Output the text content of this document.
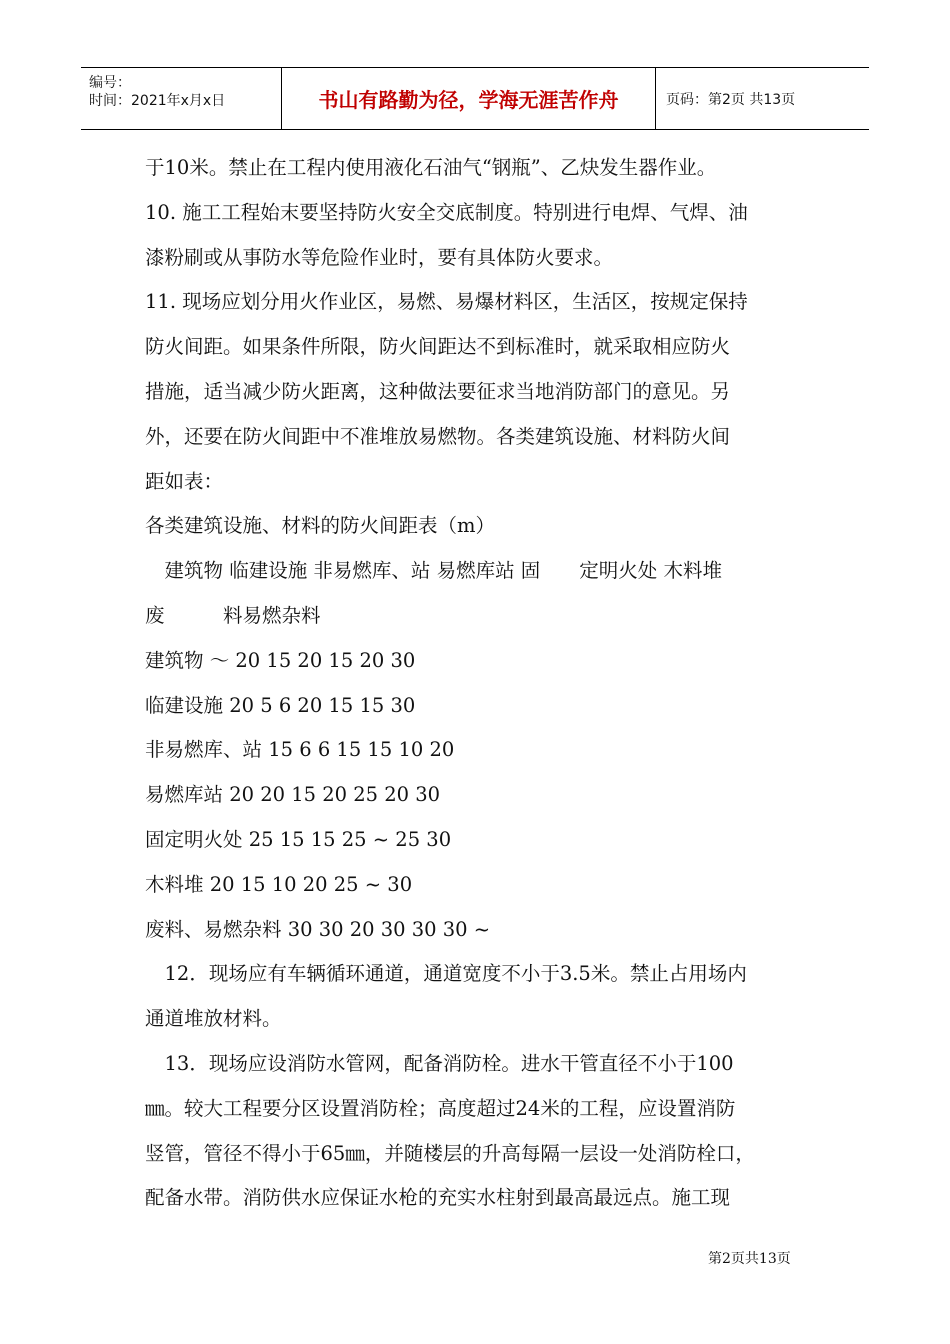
编号：
时间：2021年x月x日	书山有路勤为径，学海无涯苦作舟	页码：第2页 共13页
于10米。禁止在工程内使用液化石油气“钢瓶”、乙炔发生器作业。
10. 施工工程始末要坚持防火安全交底制度。特别进行电焊、气焊、油
漆粉刷或从事防水等危险作业时，要有具体防火要求。
11. 现场应划分用火作业区，易燃、易爆材料区，生活区，按规定保持
防火间距。如果条件所限，防火间距达不到标准时，就采取相应防火
措施，适当减少防火距离，这种做法要征求当地消防部门的意见。另
外，还要在防火间距中不准堆放易燃物。各类建筑设施、材料防火间
距如表：
各类建筑设施、材料的防火间距表（m）
　建筑物 临建设施 非易燃库、站 易燃库站 固　　定明火处 木料堆
废　　　料易燃杂料
建筑物 ～ 20 15 20 15 20 30
临建设施 20 5 6 20 15 15 30
非易燃库、站 15 6 6 15 15 10 20
易燃库站 20 20 15 20 25 20 30
固定明火处 25 15 15 25 ~ 25 30
木料堆 20 15 10 20 25 ~ 30
废料、易燃杂料 30 30 20 30 30 30 ~
　12．现场应有车辆循环通道，通道宽度不小于3.5米。禁止占用场内
通道堆放材料。
　13．现场应设消防水管网，配备消防栓。进水干管直径不小于100
㎜。较大工程要分区设置消防栓；高度超过24米的工程，应设置消防
竖管，管径不得小于65㎜，并随楼层的升高每隔一层设一处消防栓口，
配备水带。消防供水应保证水枪的充实水柱射到最高最远点。施工现
第2页共13页
